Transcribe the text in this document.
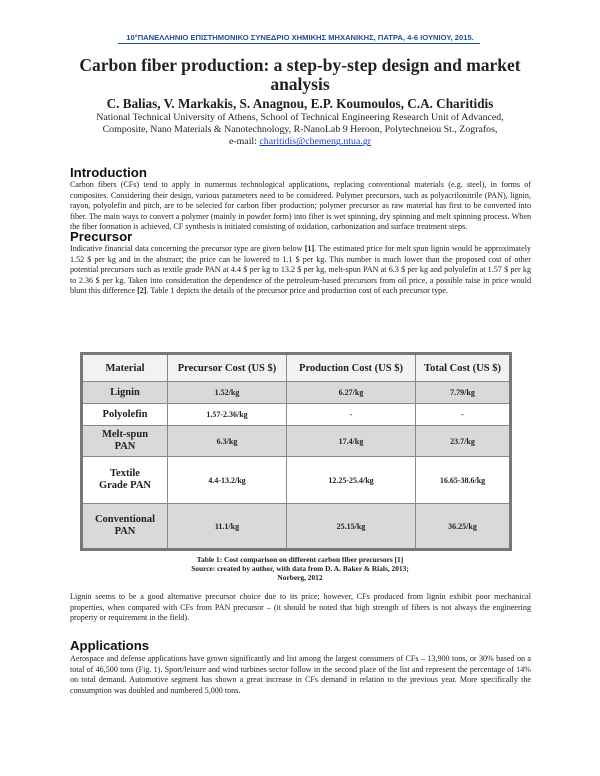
10°ΠΑΝΕΛΛΗΝΙΟ ΕΠΙΣΤΗΜΟΝΙΚΟ ΣΥΝΕΔΡΙΟ ΧΗΜΙΚΗΣ ΜΗΧΑΝΙΚΗΣ, ΠΑΤΡΑ, 4-6 ΙΟΥΝΙΟΥ, 2015.
Carbon fiber production: a step-by-step design and market analysis
C. Balias, V. Markakis, S. Anagnou, E.P. Koumoulos, C.A. Charitidis
National Technical University of Athens, School of Technical Engineering Research Unit of Advanced,
Composite, Nano Materials & Nanotechnology, R-NanoLab 9 Heroon, Polytechneiou St., Zografos,
e-mail: charitidis@chemeng.ntua.gr
Introduction

Carbon fibers (CFs) tend to apply in numerous technological applications, replacing conventional materials (e.g. steel), in forms of composites. Considering their design, various parameters need to be considered. Polymer precursors, such as polyacrilonitrile (PAN), lignin, rayon, polyolefin and pitch, are to be selected for carbon fiber production; polymer precursor as raw material has first to be converted into fiber. The main ways to convert a polymer (mainly in powder form) into fiber is wet spinning, dry spinning and melt spinning process. When the fiber formation is achieved, CF synthesis is initiated consisting of oxidation, carbonization and surface treatment steps.

Precursor

Indicative financial data concerning the precursor type are given below [1]. The estimated price for melt spun lignin would be approximately 1.52 $ per kg and in the abstract; the price can be lowered to 1.1 $ per kg. This number is much lower than the proposed cost of other potential precursors such as textile grade PAN at 4.4 $ per kg to 13.2 $ per kg, melt-spun PAN at 6.3 $ per kg and polyolefin at 1.57 $ per kg to 2.36 $ per kg. Taken into consideration the dependence of the petroleum-based precursors from oil price, a possible raise in price would blunt this difference [2]. Table 1 depicts the details of the precursor price and production cost of each precursor type.

Material	Precursor Cost (US $)	Production Cost (US $)	Total Cost (US $)
Lignin	1.52/kg	6.27/kg	7.79/kg
Polyolefin	1.57-2.36/kg	-	-

Melt-spun
PAN	6.3/kg	17.4/kg	23.7/kg

Textile
Grade PAN	4.4-13.2/kg	12.25-25.4/kg	16.65-38.6/kg

Conventional
PAN	11.1/kg	25.15/kg	36.25/kg
Table 1: Cost comparison on different carbon fiber precursors [1]
Source: created by author, with data from D. A. Baker & Rials, 2013;
Norberg, 2012

Lignin seems to be a good alternative precursor choice due to its price; however, CFs produced from lignin exhibit poor mechanical properties, when compared with CFs from PAN precursor – (it should be noted that high strength of fibers is not always the engineering property or requirement in the field).

Applications

Aerospace and defense applications have grown significantly and list among the largest consumers of CFs – 13,900 tons, or 30% based on a total of 46,500 tons (Fig. 1). Sport/leisure and wind turbines sector follow in the second place of the list and represent the percentage of 14% on total demand. Automotive segment has shown a great increase in CFs demand in relation to the previous year. More specifically the consumption was doubled and numbered 5,000 tons.
